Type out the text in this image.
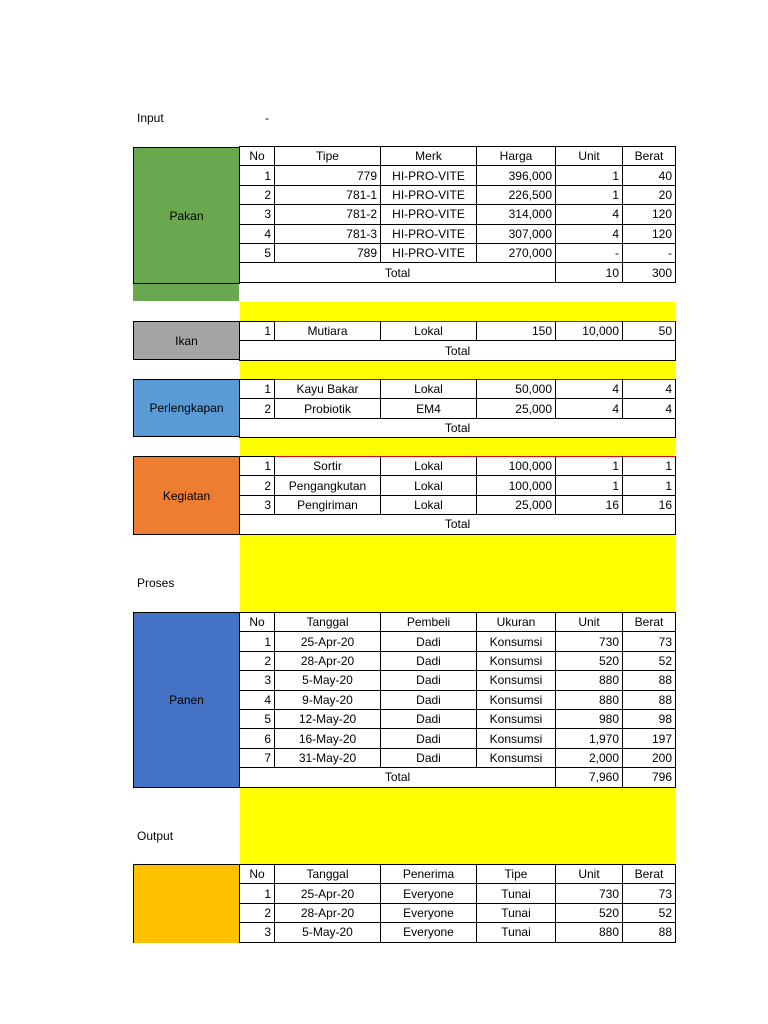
Input	-
Proses
Output
Pakan
Ikan
Perlengkapan
Kegiatan
Panen
No	Tipe	Merk	Harga	Unit	Berat
1	779	HI-PRO-VITE	396,000	1	40
2	781-1	HI-PRO-VITE	226,500	1	20
3	781-2	HI-PRO-VITE	314,000	4	120
4	781-3	HI-PRO-VITE	307,000	4	120
5	789	HI-PRO-VITE	270,000	-	-
Total				10	300
1	Mutiara	Lokal	150	10,000	50
Total
1	Kayu Bakar	Lokal	50,000	4	4
2	Probiotik	EM4	25,000	4	4
Total					
1	Sortir	Lokal	100,000	1	1
2	Pengangkutan	Lokal	100,000	1	1
3	Pengiriman	Lokal	25,000	16	16
Total					
No	Tanggal	Pembeli	Ukuran	Unit	Berat
1	25-Apr-20	Dadi	Konsumsi	730	73
2	28-Apr-20	Dadi	Konsumsi	520	52
3	5-May-20	Dadi	Konsumsi	880	88
4	9-May-20	Dadi	Konsumsi	880	88
5	12-May-20	Dadi	Konsumsi	980	98
6	16-May-20	Dadi	Konsumsi	1,970	197
7	31-May-20	Dadi	Konsumsi	2,000	200
Total				7,960	796
No	Tanggal	Penerima	Tipe	Unit	Berat
1	25-Apr-20	Everyone	Tunai	730	73
2	28-Apr-20	Everyone	Tunai	520	52
3	5-May-20	Everyone	Tunai	880	88
